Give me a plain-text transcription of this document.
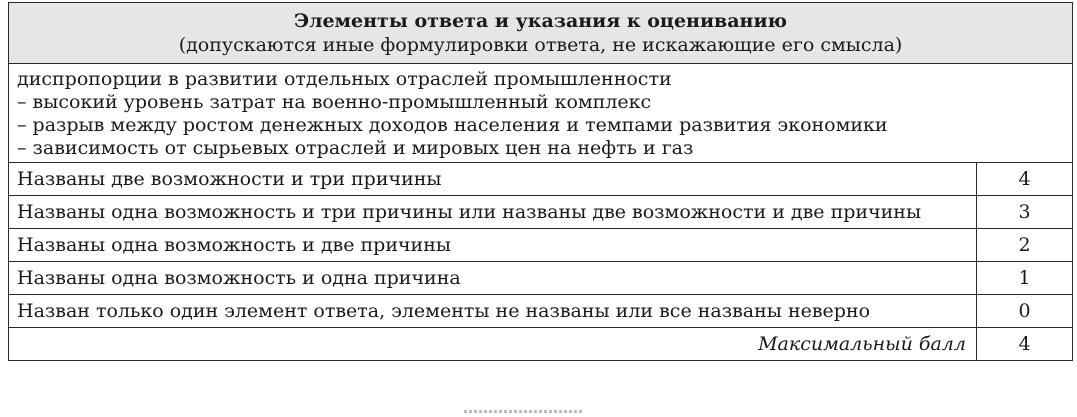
Элементы ответа и указания к оцениванию
(допускаются иные формулировки ответа, не искажающие его смысла)	

диспропорции в развитии отдельных отраслей промышленности
– высокий уровень затрат на военно-промышленный комплекс
– разрыв между ростом денежных доходов населения и темпами развития экономики
– зависимость от сырьевых отраслей и мировых цен на нефть и газ	

Названы две возможности и три причины	4
Названы одна возможность и три причины или названы две возможности и две причины	3
Названы одна возможность и две причины	2
Названы одна возможность и одна причина	1
Назван только один элемент ответа, элементы не названы или все названы неверно	0
Максимальный балл	4
